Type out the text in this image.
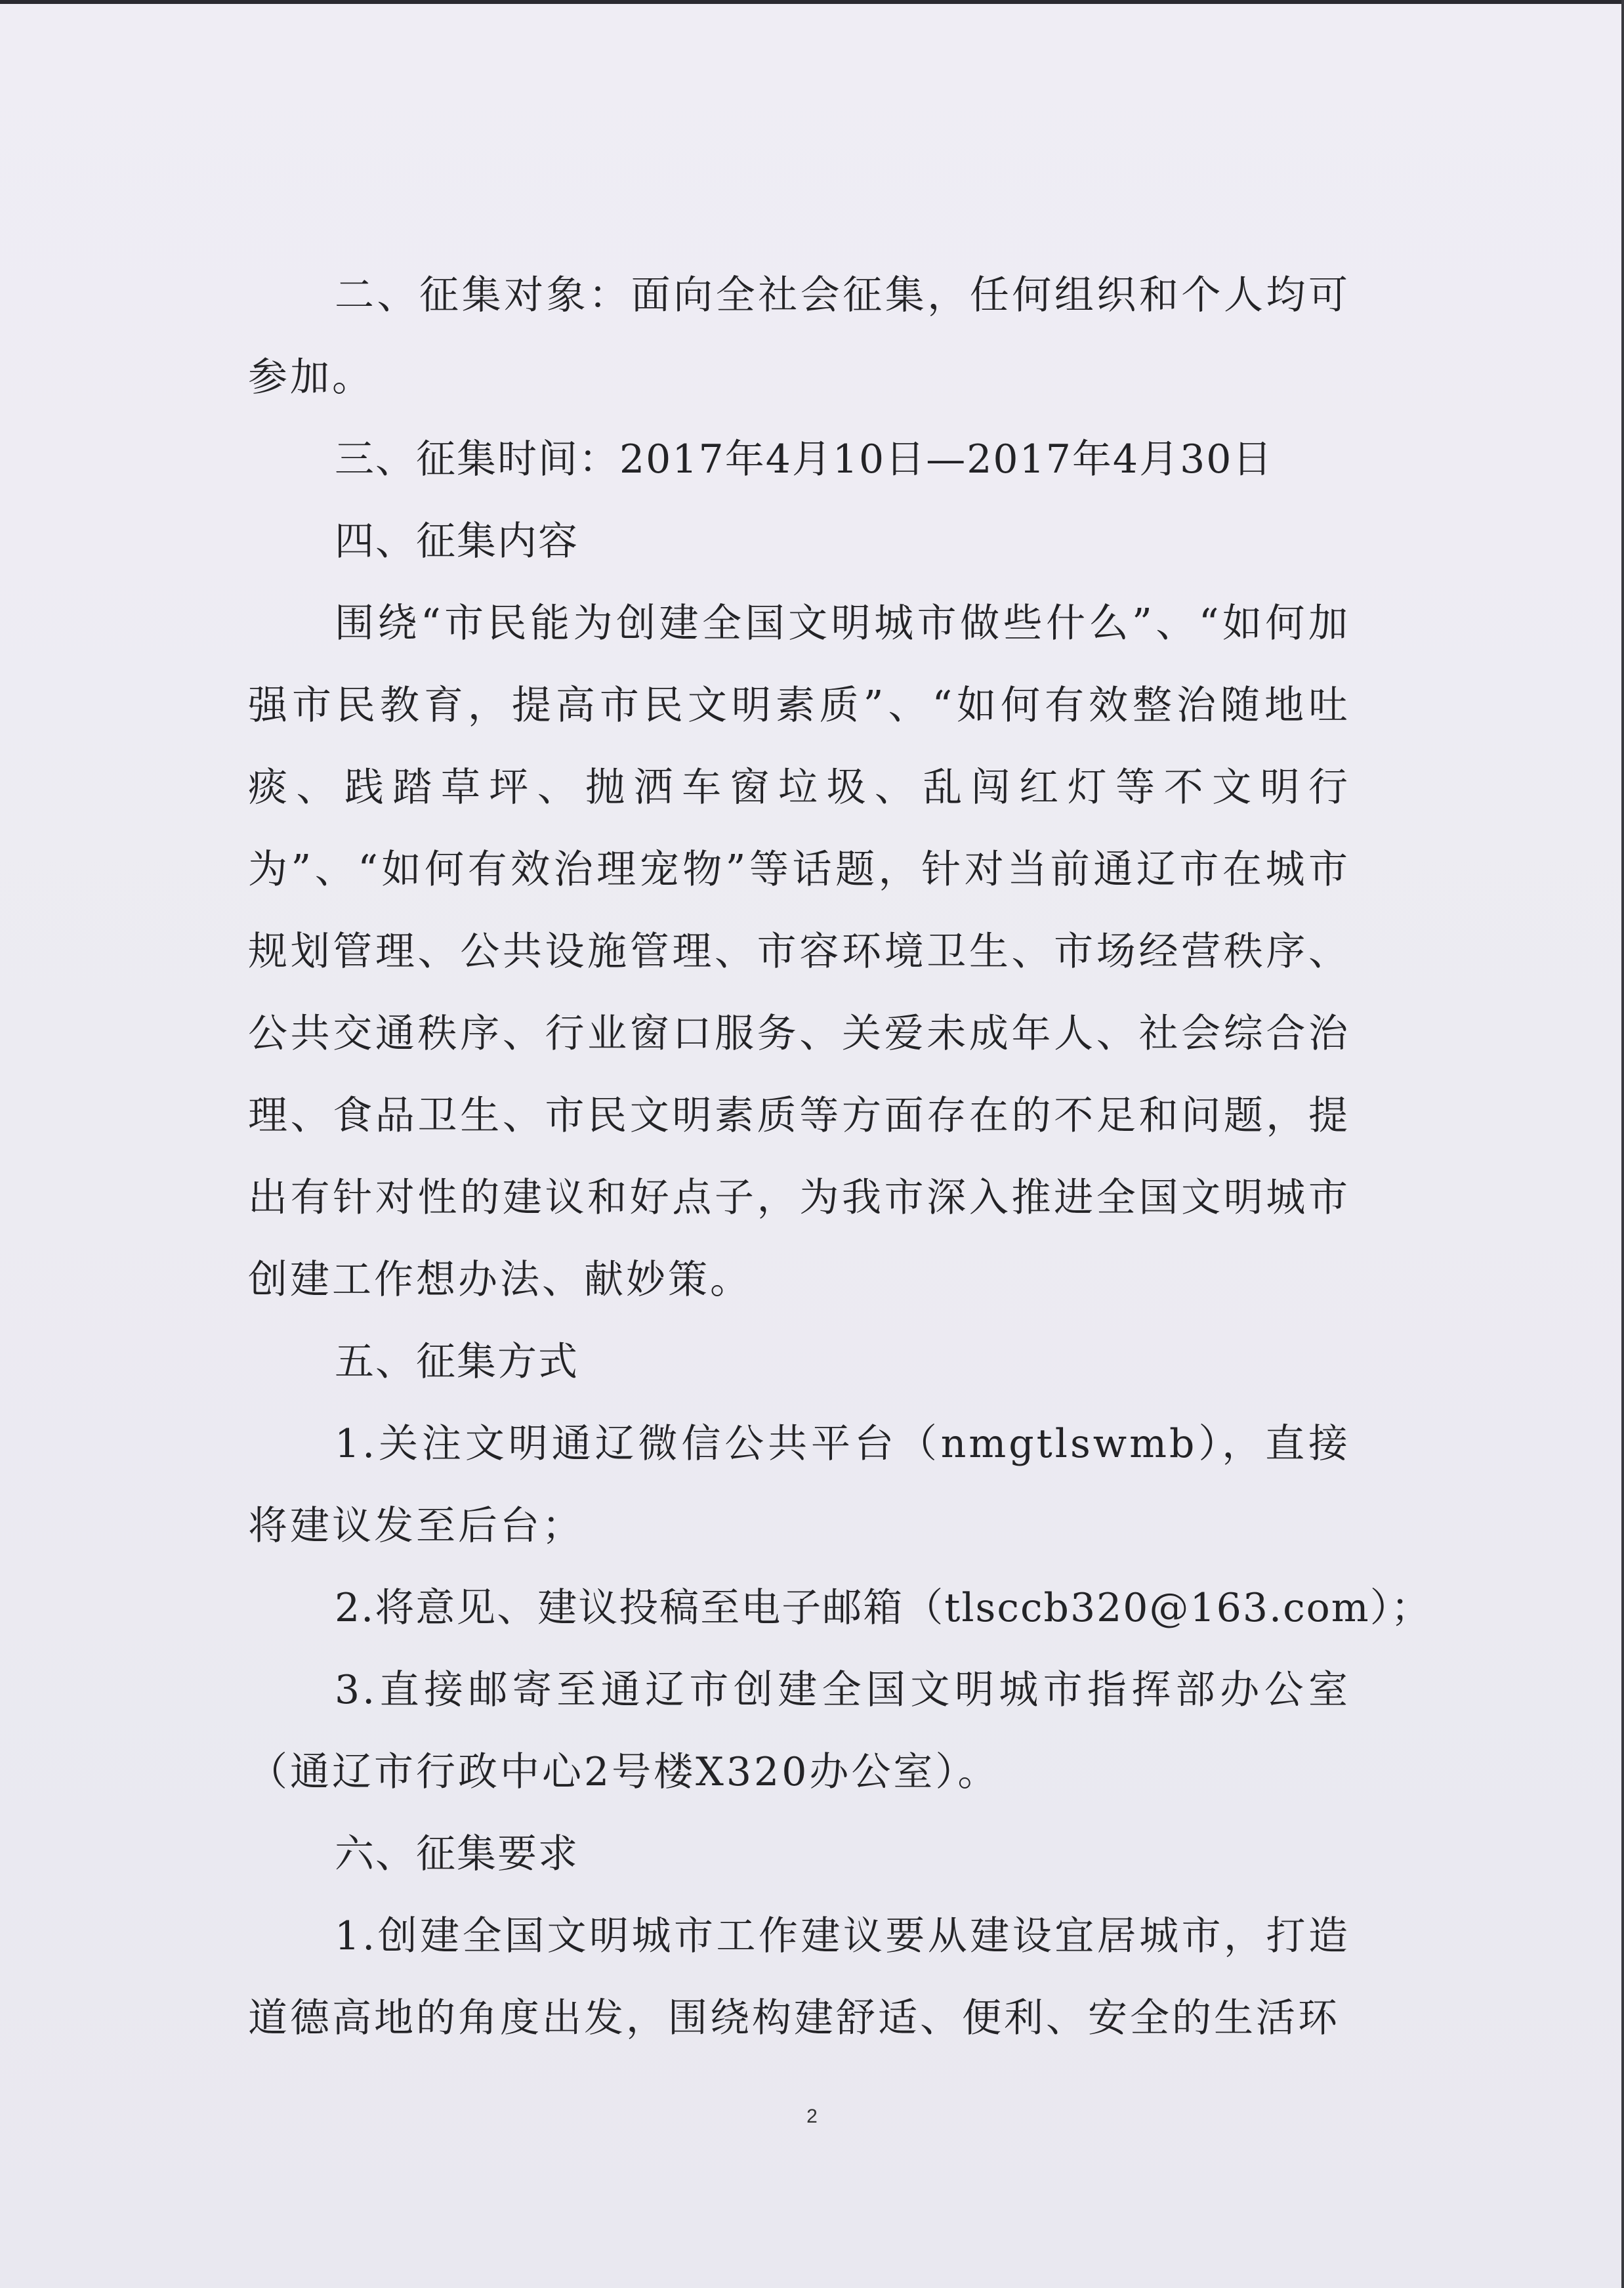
二、征集对象：面向全社会征集，任何组织和个人均可参加。

三、征集时间：2017年4月10日—2017年4月30日

四、征集内容

围绕“市民能为创建全国文明城市做些什么”、“如何加强市民教育，提高市民文明素质”、“如何有效整治随地吐痰、践踏草坪、抛洒车窗垃圾、乱闯红灯等不文明行为”、“如何有效治理宠物”等话题，针对当前通辽市在城市规划管理、公共设施管理、市容环境卫生、市场经营秩序、公共交通秩序、行业窗口服务、关爱未成年人、社会综合治理、食品卫生、市民文明素质等方面存在的不足和问题，提出有针对性的建议和好点子，为我市深入推进全国文明城市创建工作想办法、献妙策。

五、征集方式

1.关注文明通辽微信公共平台（nmgtlswmb），直接将建议发至后台；

2.将意见、建议投稿至电子邮箱（tlsccb320@163.com）；

3.直接邮寄至通辽市创建全国文明城市指挥部办公室（通辽市行政中心2号楼X320办公室）。

六、征集要求

1.创建全国文明城市工作建议要从建设宜居城市，打造道德高地的角度出发，围绕构建舒适、便利、安全的生活环

2
